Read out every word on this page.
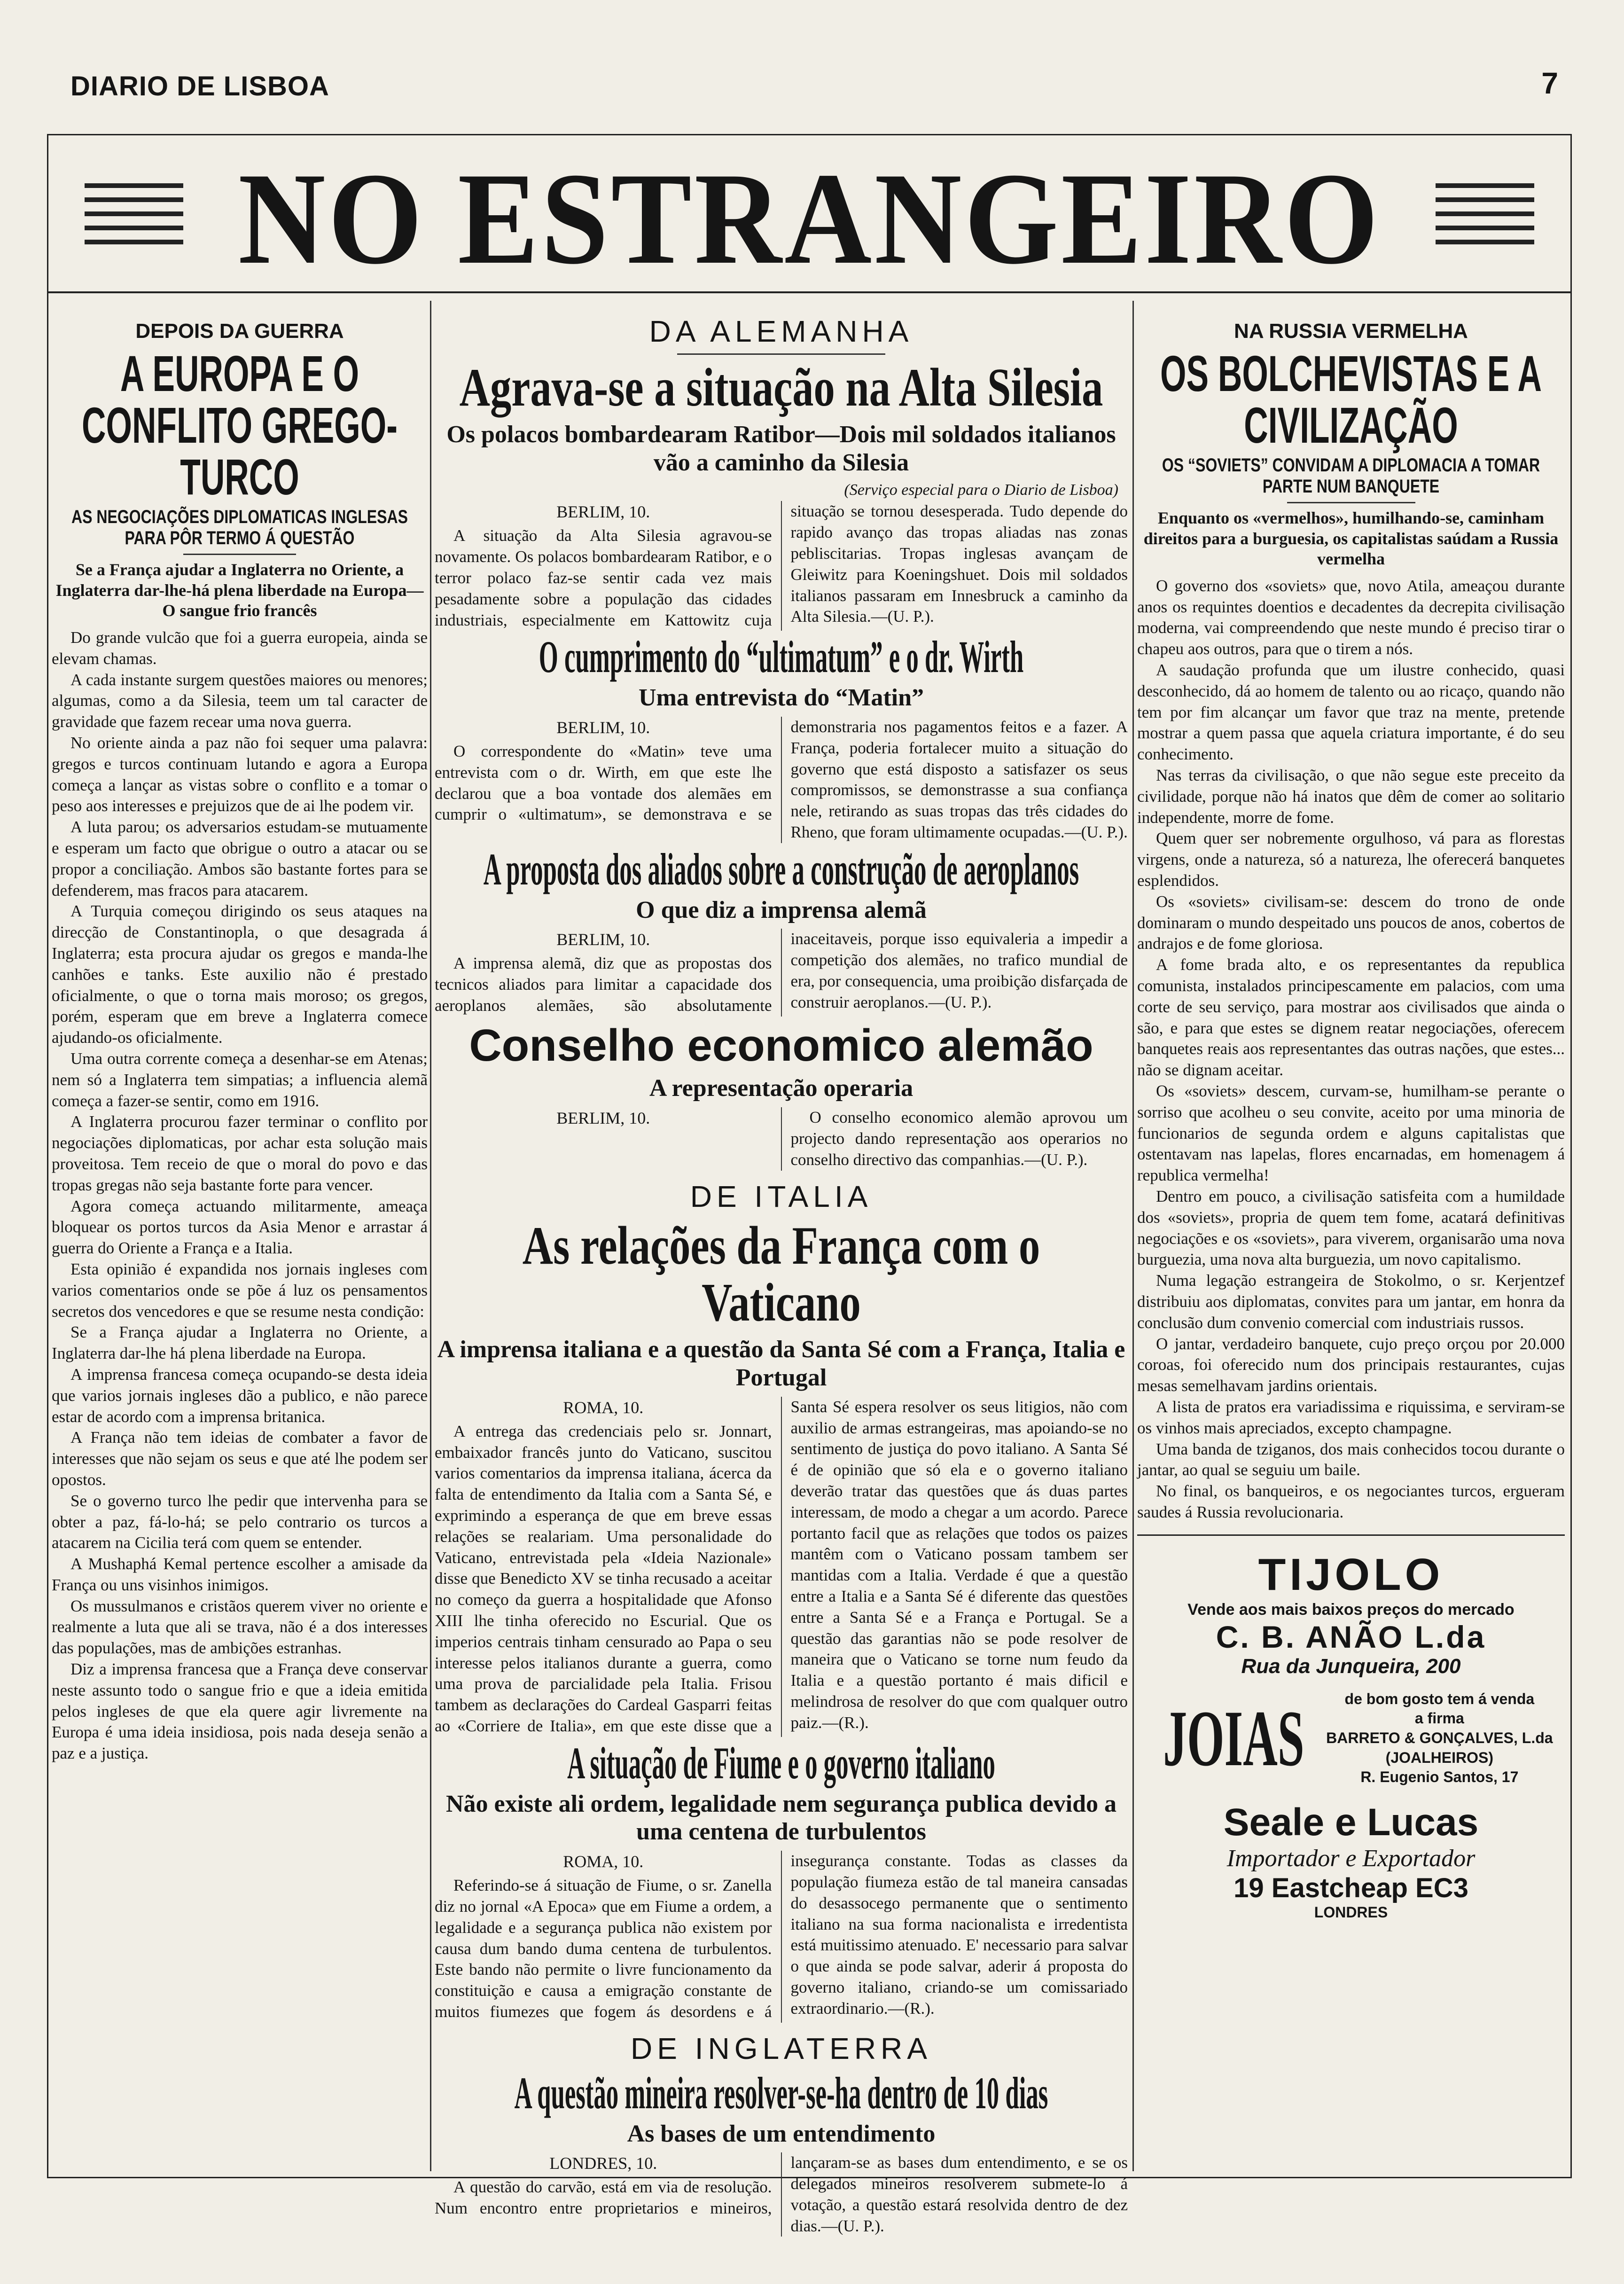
DIARIO DE LISBOA	7
NO ESTRANGEIRO
DEPOIS DA GUERRA
A EUROPA E O CONFLITO GREGO-TURCO
AS NEGOCIAÇÕES DIPLOMATICAS INGLESAS PARA PÔR TERMO Á QUESTÃO
Se a França ajudar a Inglaterra no Oriente, a Inglaterra dar-lhe-há plena liberdade na Europa—O sangue frio francês

Do grande vulcão que foi a guerra europeia, ainda se elevam chamas.

A cada instante surgem questões maiores ou menores; algumas, como a da Silesia, teem um tal caracter de gravidade que fazem recear uma nova guerra.

No oriente ainda a paz não foi sequer uma palavra: gregos e turcos continuam lutando e agora a Europa começa a lançar as vistas sobre o conflito e a tomar o peso aos interesses e prejuizos que de ai lhe podem vir.

A luta parou; os adversarios estudam-se mutuamente e esperam um facto que obrigue o outro a atacar ou se propor a conciliação. Ambos são bastante fortes para se defenderem, mas fracos para atacarem.

A Turquia começou dirigindo os seus ataques na direcção de Constantinopla, o que desagrada á Inglaterra; esta procura ajudar os gregos e manda-lhe canhões e tanks. Este auxilio não é prestado oficialmente, o que o torna mais moroso; os gregos, porém, esperam que em breve a Inglaterra comece ajudando-os oficialmente.

Uma outra corrente começa a desenhar-se em Atenas; nem só a Inglaterra tem simpatias; a influencia alemã começa a fazer-se sentir, como em 1916.

A Inglaterra procurou fazer terminar o conflito por negociações diplomaticas, por achar esta solução mais proveitosa. Tem receio de que o moral do povo e das tropas gregas não seja bastante forte para vencer.

Agora começa actuando militarmente, ameaça bloquear os portos turcos da Asia Menor e arrastar á guerra do Oriente a França e a Italia.

Esta opinião é expandida nos jornais ingleses com varios comentarios onde se põe á luz os pensamentos secretos dos vencedores e que se resume nesta condição:

Se a França ajudar a Inglaterra no Oriente, a Inglaterra dar-lhe há plena liberdade na Europa.

A imprensa francesa começa ocupando-se desta ideia que varios jornais ingleses dão a publico, e não parece estar de acordo com a imprensa britanica.

A França não tem ideias de combater a favor de interesses que não sejam os seus e que até lhe podem ser opostos.

Se o governo turco lhe pedir que intervenha para se obter a paz, fá-lo-há; se pelo contrario os turcos a atacarem na Cicilia terá com quem se entender.

A Mushaphá Kemal pertence escolher a amisade da França ou uns visinhos inimigos.

Os mussulmanos e cristãos querem viver no oriente e realmente a luta que ali se trava, não é a dos interesses das populações, mas de ambições estranhas.

Diz a imprensa francesa que a França deve conservar neste assunto todo o sangue frio e que a ideia emitida pelos ingleses de que ela quere agir livremente na Europa é uma ideia insidiosa, pois nada deseja senão a paz e a justiça.

DA ALEMANHA
Agrava-se a situação na Alta Silesia
Os polacos bombardearam Ratibor—Dois mil soldados italianos vão a caminho da Silesia
(Serviço especial para o Diario de Lisboa)
BERLIM, 10.

A situação da Alta Silesia agravou-se novamente. Os polacos bombardearam Ratibor, e o terror polaco faz-se sentir cada vez mais pesadamente sobre a população das cidades industriais, especialmente em Kattowitz cuja situação se tornou desesperada. Tudo depende do rapido avanço das tropas aliadas nas zonas pebliscitarias. Tropas inglesas avançam de Gleiwitz para Koeningshuet. Dois mil soldados italianos passaram em Innesbruck a caminho da Alta Silesia.—(U. P.).

O cumprimento do “ultimatum” e o dr. Wirth
Uma entrevista do “Matin”
BERLIM, 10.

O correspondente do «Matin» teve uma entrevista com o dr. Wirth, em que este lhe declarou que a boa vontade dos alemães em cumprir o «ultimatum», se demonstrava e se demonstraria nos pagamentos feitos e a fazer. A França, poderia fortalecer muito a situação do governo que está disposto a satisfazer os seus compromissos, se demonstrasse a sua confiança nele, retirando as suas tropas das três cidades do Rheno, que foram ultimamente ocupadas.—(U. P.).

A proposta dos aliados sobre a construção de aeroplanos
O que diz a imprensa alemã
BERLIM, 10.

A imprensa alemã, diz que as propostas dos tecnicos aliados para limitar a capacidade dos aeroplanos alemães, são absolutamente inaceitaveis, porque isso equivaleria a impedir a competição dos alemães, no trafico mundial de era, por consequencia, uma proibição disfarçada de construir aeroplanos.—(U. P.).

Conselho economico alemão
A representação operaria
BERLIM, 10.	O conselho economico alemão aprovou um projecto dando representação aos operarios no conselho directivo das companhias.—(U. P.).

DE ITALIA
As relações da França com o Vaticano
A imprensa italiana e a questão da Santa Sé com a França, Italia e Portugal
ROMA, 10.

A entrega das credenciais pelo sr. Jonnart, embaixador francês junto do Vaticano, suscitou varios comentarios da imprensa italiana, ácerca da falta de entendimento da Italia com a Santa Sé, e exprimindo a esperança de que em breve essas relações se realariam. Uma personalidade do Vaticano, entrevistada pela «Ideia Nazionale» disse que Benedicto XV se tinha recusado a aceitar no começo da guerra a hospitalidade que Afonso XIII lhe tinha oferecido no Escurial. Que os imperios centrais tinham censurado ao Papa o seu interesse pelos italianos durante a guerra, como uma prova de parcialidade pela Italia. Frisou tambem as declarações do Cardeal Gasparri feitas ao «Corriere de Italia», em que este disse que a Santa Sé espera resolver os seus litigios, não com auxilio de armas estrangeiras, mas apoiando-se no sentimento de justiça do povo italiano. A Santa Sé é de opinião que só ela e o governo italiano deverão tratar das questões que ás duas partes interessam, de modo a chegar a um acordo. Parece portanto facil que as relações que todos os paizes mantêm com o Vaticano possam tambem ser mantidas com a Italia. Verdade é que a questão entre a Italia e a Santa Sé é diferente das questões entre a Santa Sé e a França e Portugal. Se a questão das garantias não se pode resolver de maneira que o Vaticano se torne num feudo da Italia e a questão portanto é mais dificil e melindrosa de resolver do que com qualquer outro paiz.—(R.).

A situação de Fiume e o governo italiano
Não existe ali ordem, legalidade nem segurança publica devido a uma centena de turbulentos
ROMA, 10.

Referindo-se á situação de Fiume, o sr. Zanella diz no jornal «A Epoca» que em Fiume a ordem, a legalidade e a segurança publica não existem por causa dum bando duma centena de turbulentos. Este bando não permite o livre funcionamento da constituição e causa a emigração constante de muitos fiumezes que fogem ás desordens e á insegurança constante. Todas as classes da população fiumeza estão de tal maneira cansadas do desassocego permanente que o sentimento italiano na sua forma nacionalista e irredentista está muitissimo atenuado. E' necessario para salvar o que ainda se pode salvar, aderir á proposta do governo italiano, criando-se um comissariado extraordinario.—(R.).

DE INGLATERRA
A questão mineira resolver-se-ha dentro de 10 dias
As bases de um entendimento
LONDRES, 10.

A questão do carvão, está em via de resolução. Num encontro entre proprietarios e mineiros, lançaram-se as bases dum entendimento, e se os delegados mineiros resolverem submete-lo á votação, a questão estará resolvida dentro de dez dias.—(U. P.).

NA RUSSIA VERMELHA
OS BOLCHEVISTAS E A CIVILIZAÇÃO
OS “SOVIETS” CONVIDAM A DIPLOMACIA A TOMAR PARTE NUM BANQUETE
Enquanto os «vermelhos», humilhando-se, caminham direitos para a burguesia, os capitalistas saúdam a Russia vermelha

O governo dos «soviets» que, novo Atila, ameaçou durante anos os requintes doentios e decadentes da decrepita civilisação moderna, vai compreendendo que neste mundo é preciso tirar o chapeu aos outros, para que o tirem a nós.

A saudação profunda que um ilustre conhecido, quasi desconhecido, dá ao homem de talento ou ao ricaço, quando não tem por fim alcançar um favor que traz na mente, pretende mostrar a quem passa que aquela criatura importante, é do seu conhecimento.

Nas terras da civilisação, o que não segue este preceito da civilidade, porque não há inatos que dêm de comer ao solitario independente, morre de fome.

Quem quer ser nobremente orgulhoso, vá para as florestas virgens, onde a natureza, só a natureza, lhe oferecerá banquetes esplendidos.

Os «soviets» civilisam-se: descem do trono de onde dominaram o mundo despeitado uns poucos de anos, cobertos de andrajos e de fome gloriosa.

A fome brada alto, e os representantes da republica comunista, instalados principescamente em palacios, com uma corte de seu serviço, para mostrar aos civilisados que ainda o são, e para que estes se dignem reatar negociações, oferecem banquetes reais aos representantes das outras nações, que estes... não se dignam aceitar.

Os «soviets» descem, curvam-se, humilham-se perante o sorriso que acolheu o seu convite, aceito por uma minoria de funcionarios de segunda ordem e alguns capitalistas que ostentavam nas lapelas, flores encarnadas, em homenagem á republica vermelha!

Dentro em pouco, a civilisação satisfeita com a humildade dos «soviets», propria de quem tem fome, acatará definitivas negociações e os «soviets», para viverem, organisarão uma nova burguezia, uma nova alta burguezia, um novo capitalismo.

Numa legação estrangeira de Stokolmo, o sr. Kerjentzef distribuiu aos diplomatas, convites para um jantar, em honra da conclusão dum convenio comercial com industriais russos.

O jantar, verdadeiro banquete, cujo preço orçou por 20.000 coroas, foi oferecido num dos principais restaurantes, cujas mesas semelhavam jardins orientais.

A lista de pratos era variadissima e riquissima, e serviram-se os vinhos mais apreciados, excepto champagne.

Uma banda de tziganos, dos mais conhecidos tocou durante o jantar, ao qual se seguiu um baile.

No final, os banqueiros, e os negociantes turcos, ergueram saudes á Russia revolucionaria.

TIJOLO
Vende aos mais baixos preços do mercado
C. B. ANÃO L.da
Rua da Junqueira, 200
JOIAS	de bom gosto tem á venda
a firma
BARRETO & GONÇALVES, L.da
(JOALHEIROS)
R. Eugenio Santos, 17
Seale e Lucas
Importador e Exportador
19 Eastcheap EC3
LONDRES
